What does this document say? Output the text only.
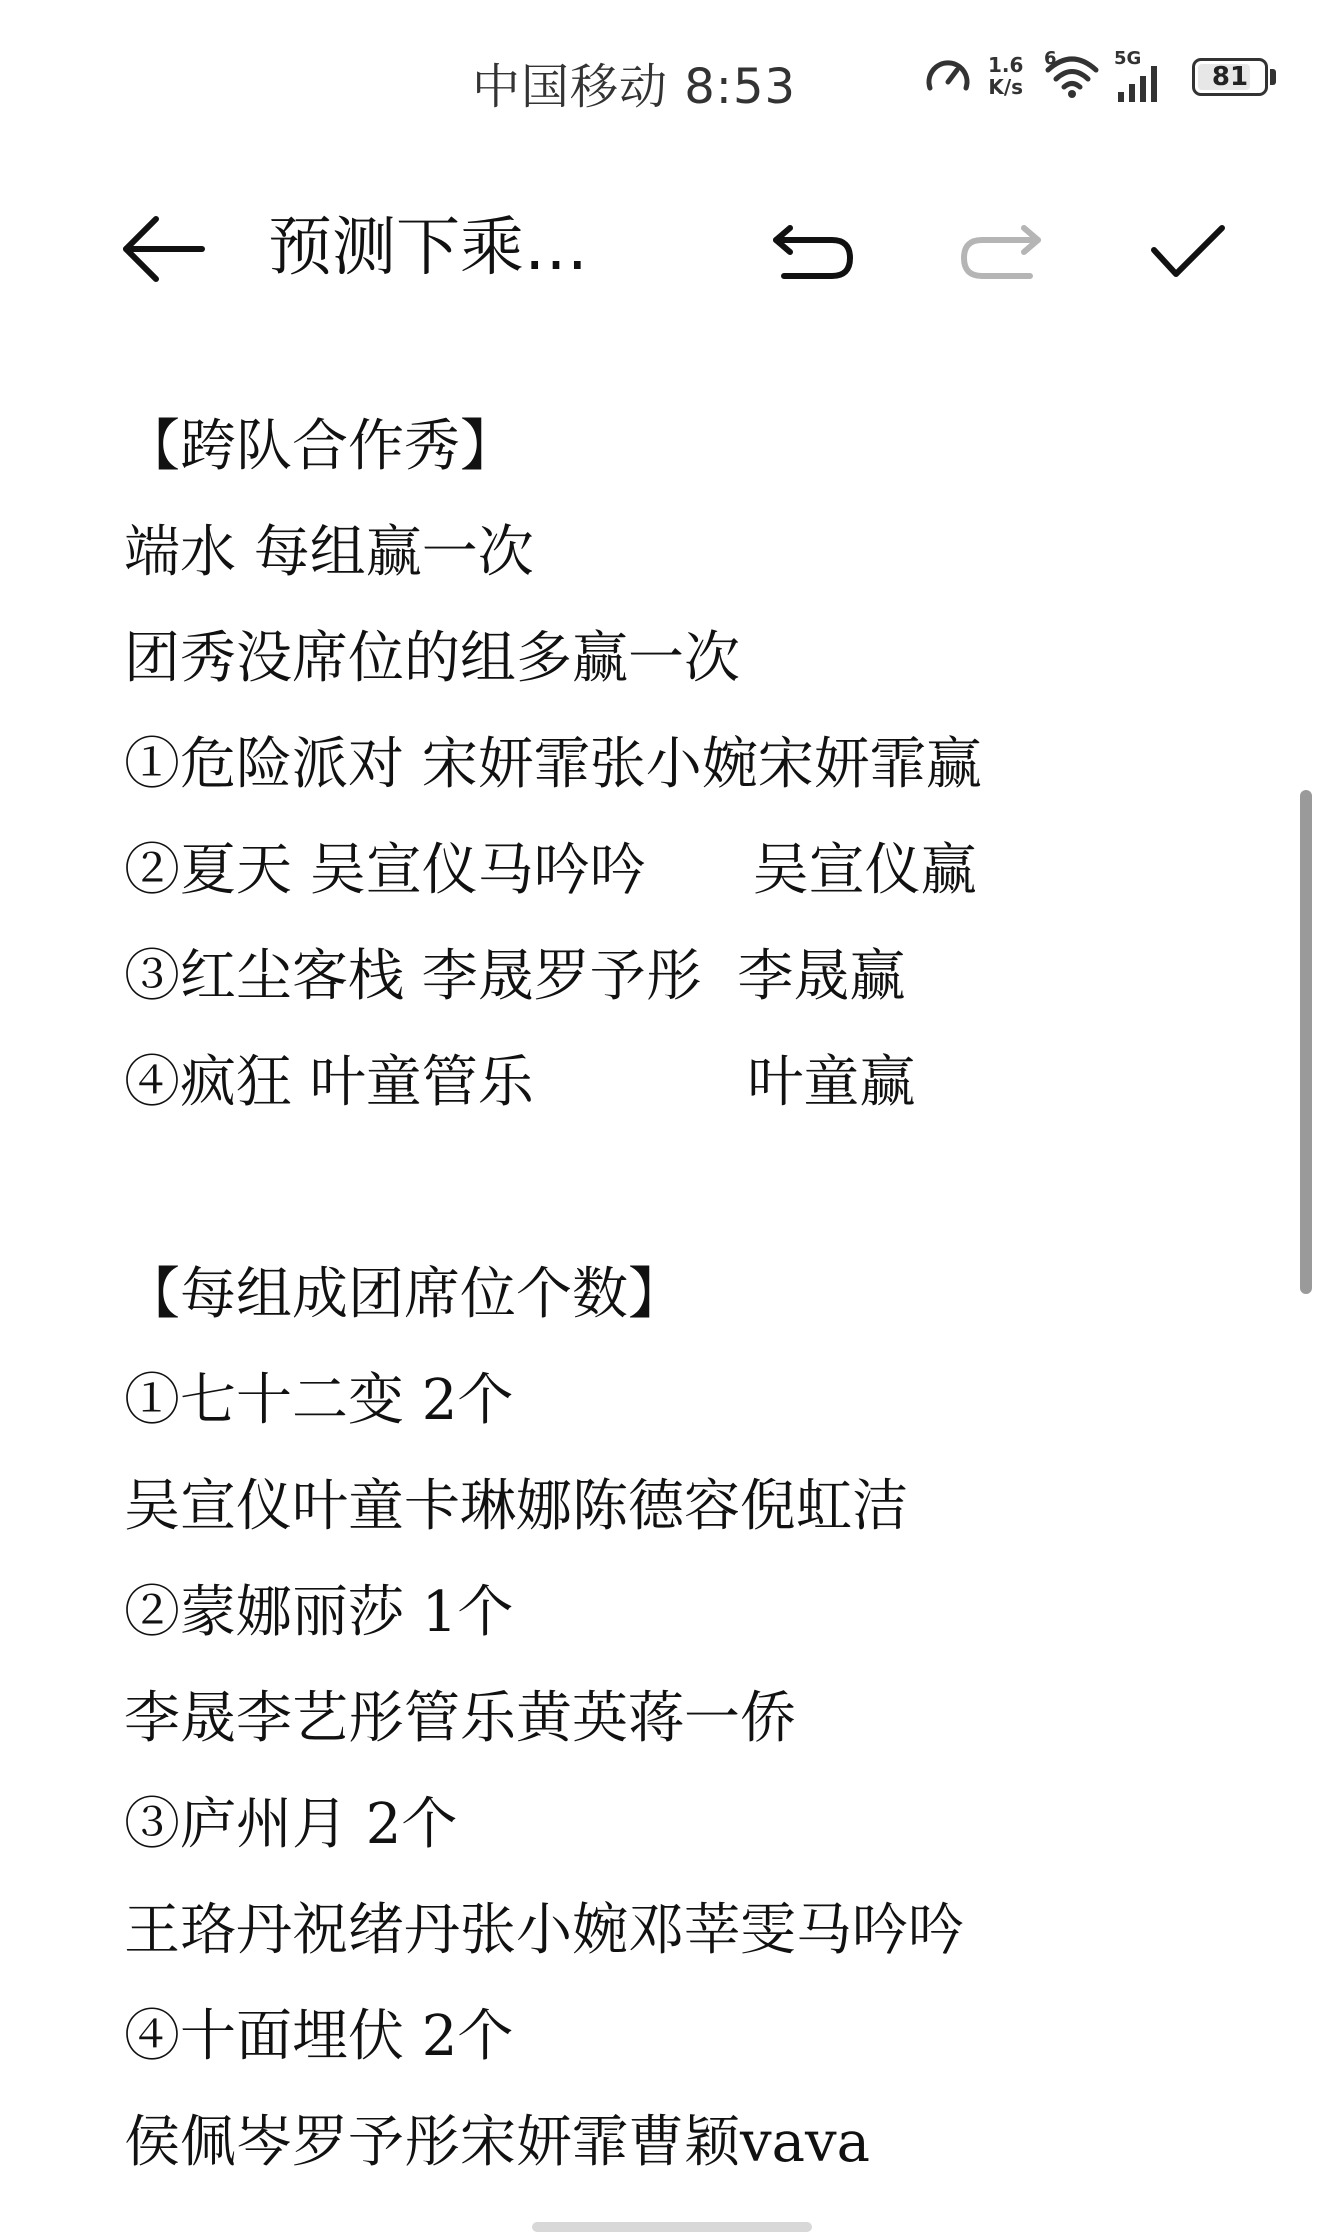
中国移动 8:53	1.6
K/s
6	5G
81
预测下乘…
【跨队合作秀】
端水 每组赢一次
团秀没席位的组多赢一次
①危险派对 宋妍霏张小婉宋妍霏赢
②夏天 吴宣仪马吟吟      吴宣仪赢
③红尘客栈 李晟罗予彤  李晟赢
④疯狂 叶童管乐            叶童赢
【每组成团席位个数】
①七十二变 2个
吴宣仪叶童卡琳娜陈德容倪虹洁
②蒙娜丽莎 1个
李晟李艺彤管乐黄英蒋一侨
③庐州月 2个
王珞丹祝绪丹张小婉邓莘雯马吟吟
④十面埋伏 2个
侯佩岑罗予彤宋妍霏曹颖vava
